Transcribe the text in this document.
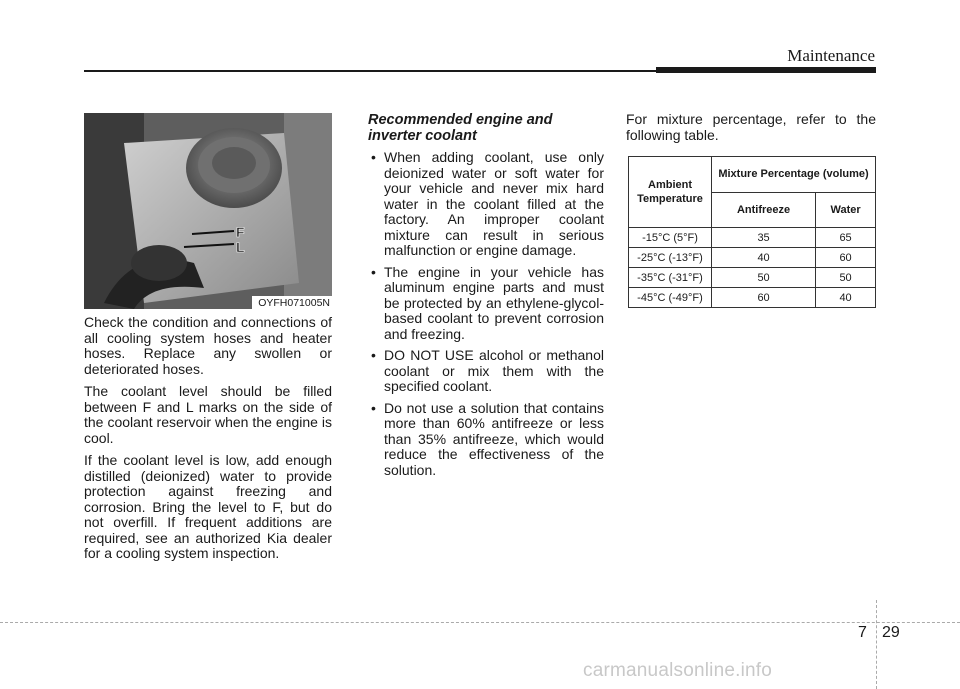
Maintenance
F
L
OYFH071005N

Check the condition and connections of all cooling system hoses and heater hoses. Replace any swollen or deteriorated hoses.

The coolant level should be filled between F and L marks on the side of the coolant reservoir when the engine is cool.

If the coolant level is low, add enough distilled (deionized) water to provide protection against freezing and corrosion. Bring the level to F, but do not overfill. If frequent additions are required, see an authorized Kia dealer for a cooling system inspection.

Recommended engine and inverter coolant
• When adding coolant, use only deionized water or soft water for your vehicle and never mix hard water in the coolant filled at the factory. An improper coolant mixture can result in serious malfunction or engine damage.
• The engine in your vehicle has aluminum engine parts and must be protected by an ethylene-glycol-based coolant to prevent corrosion and freezing.
• DO NOT USE alcohol or methanol coolant or mix them with the specified coolant.
• Do not use a solution that contains more than 60% antifreeze or less than 35% antifreeze, which would reduce the effectiveness of the solution.

For mixture percentage, refer to the following table.

Ambient Temperature	Mixture Percentage (volume)	
	Antifreeze	Water
-15°C (5°F)	35	65
-25°C (-13°F)	40	60
-35°C (-31°F)	50	50
-45°C (-49°F)	60	40
7 29
carmanualsonline.info
